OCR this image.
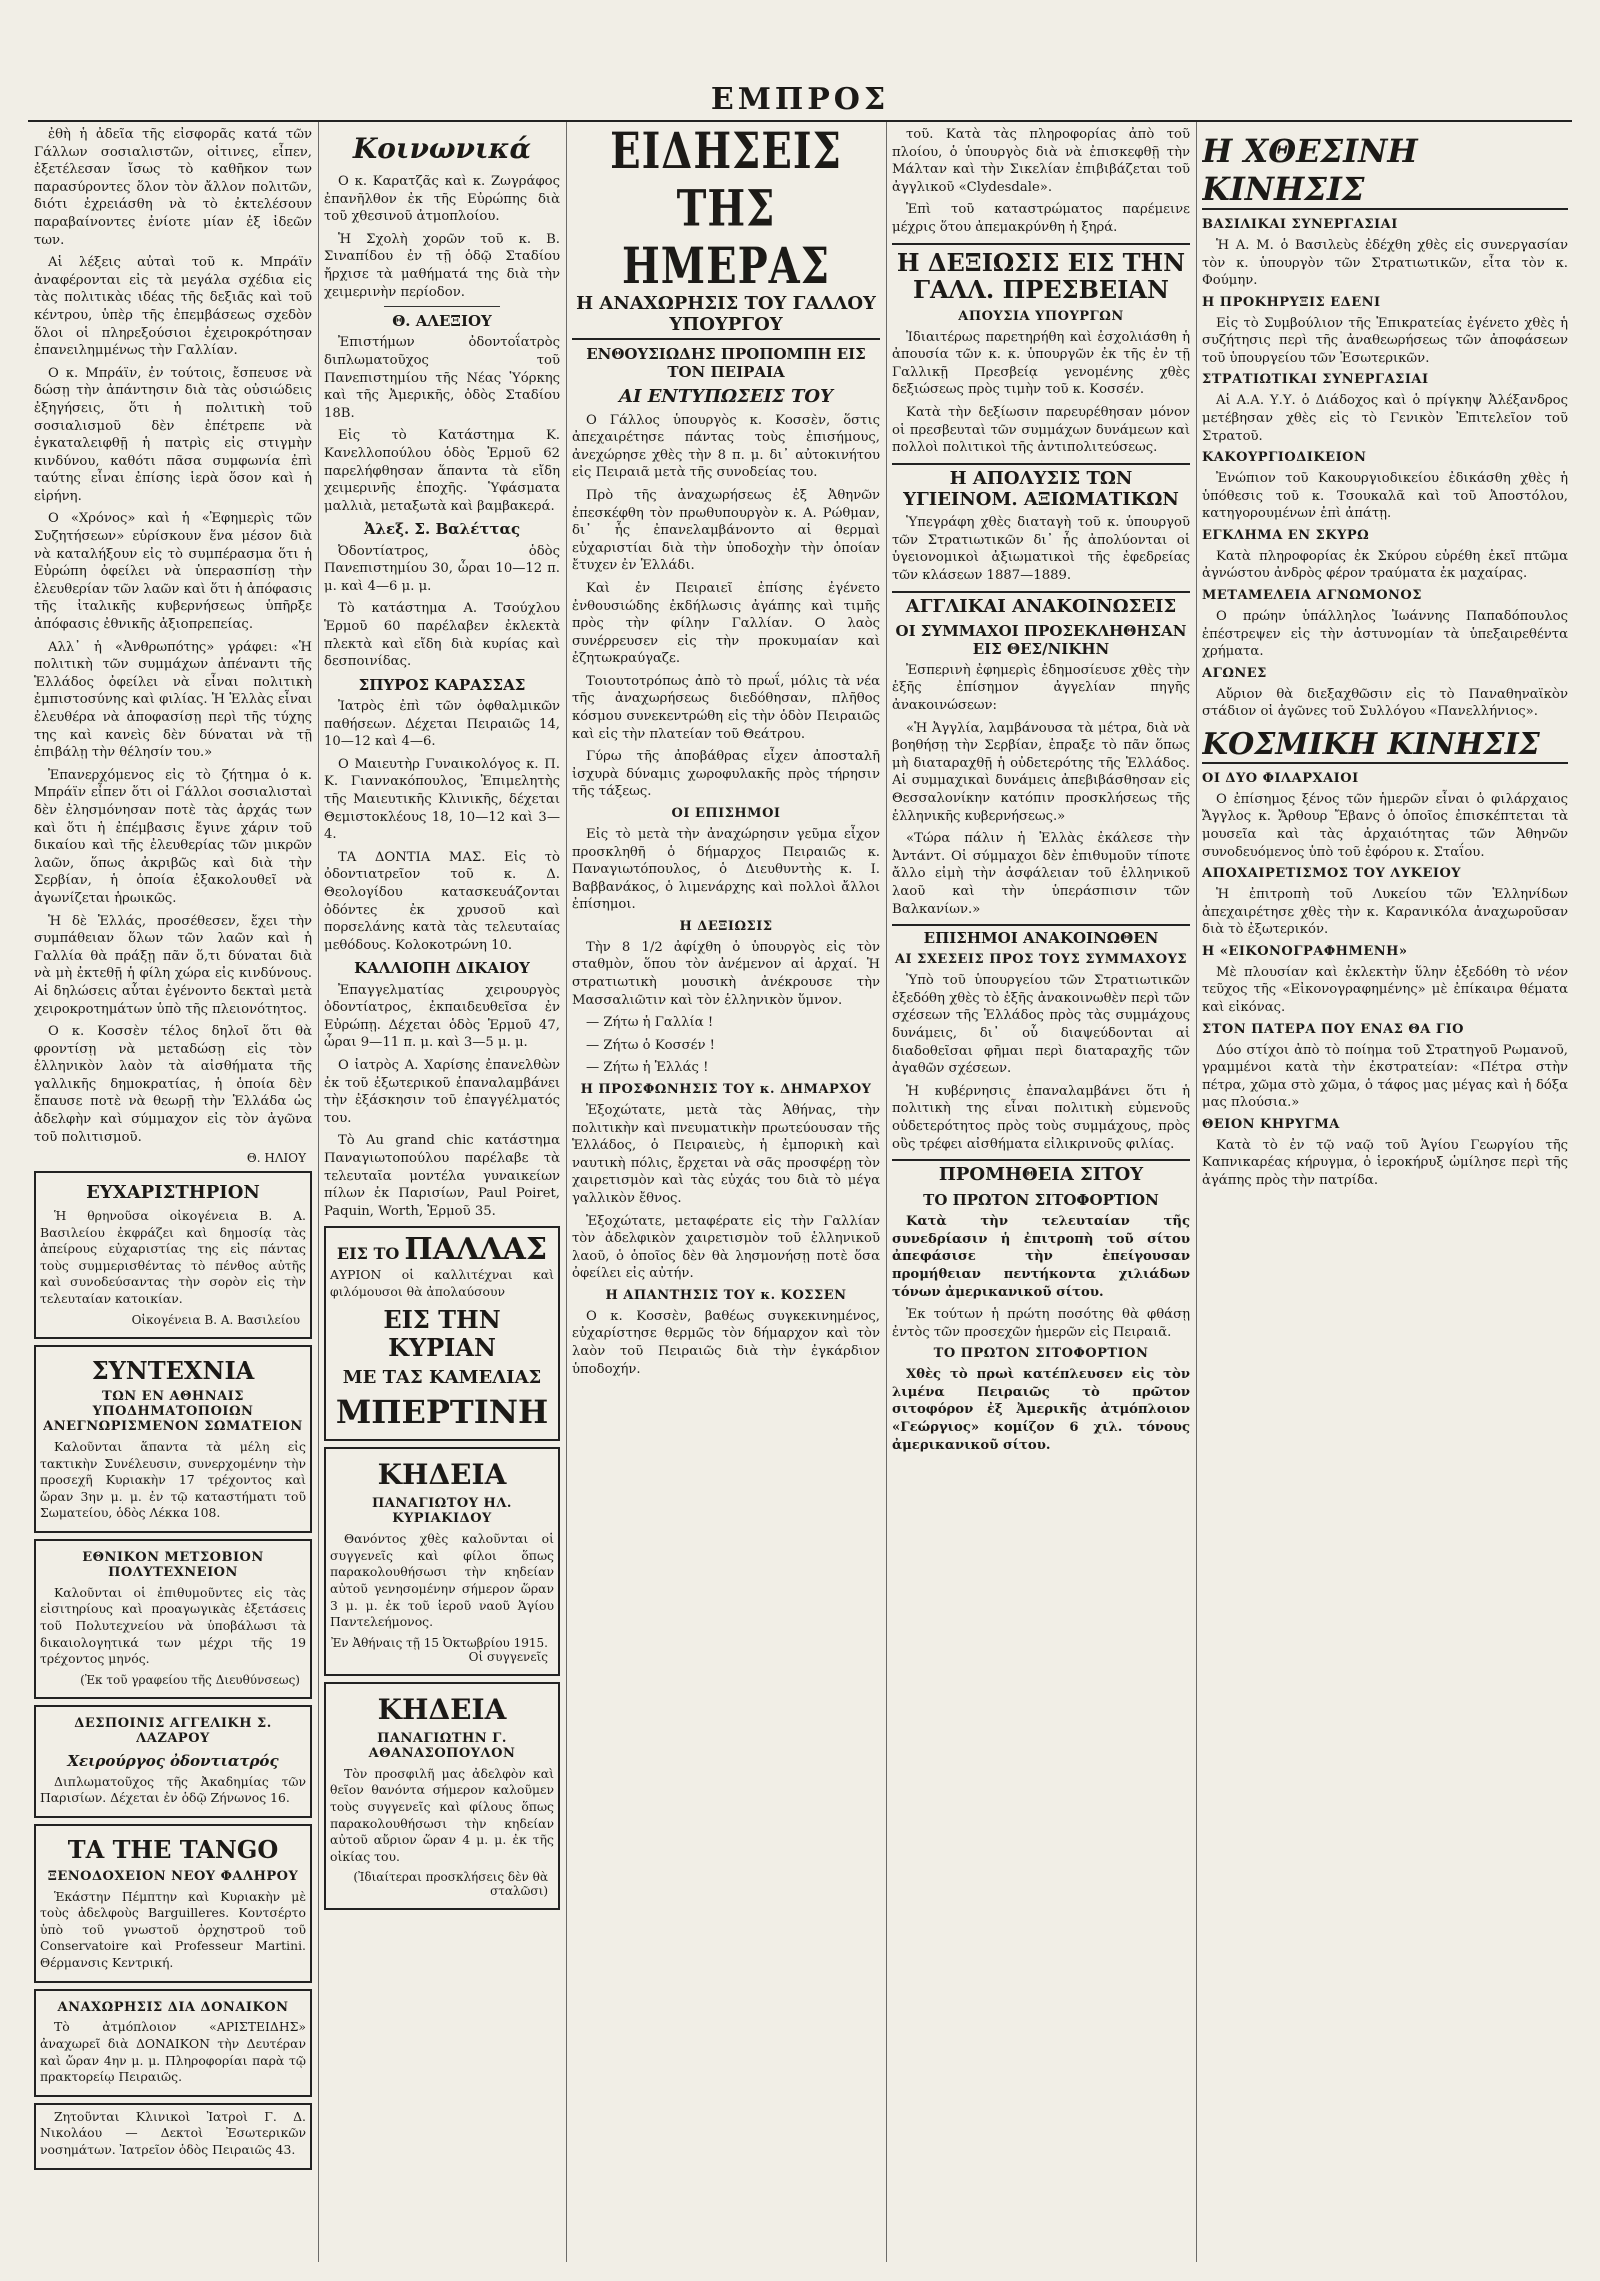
ΕΜΠΡΟΣ

ἐθὴ ἡ ἀδεῖα τῆς εἰσφορᾶς κατά τῶν Γάλλων σοσιαλιστῶν, οἱτινες, εἶπεν, ἐξετέλεσαν ἴσως τὸ καθῆκον των παρασύροντες ὅλον τὸν ἄλλον πολιτῶν, διότι ἐχρειάσθη νὰ τὸ ἐκτελέσουν παραβαίνοντες ἐνίοτε μίαν ἐξ ἰδεῶν των.

Αἱ λέξεις αὐταὶ τοῦ κ. Μπράϊν ἀναφέρονται εἰς τὰ μεγάλα σχέδια εἰς τὰς πολιτικὰς ιδέας τῆς δεξιᾶς καὶ τοῦ κέντρου, ὑπὲρ τῆς ἐπεμβάσεως σχεδὸν ὅλοι οἱ πληρεξούσιοι ἐχειροκρότησαν ἐπανειλημμένως τὴν Γαλλίαν.

Ο κ. Μπράϊν, ἐν τούτοις, ἔσπευσε νὰ δώσῃ τὴν ἀπάντησιν διὰ τὰς οὐσιώδεις ἐξηγήσεις, ὅτι ἡ πολιτικὴ τοῦ σοσιαλισμοῦ δὲν ἐπέτρεπε νὰ ἐγκαταλειφθῇ ἡ πατρὶς εἰς στιγμὴν κινδύνου, καθότι πᾶσα συμφωνία ἐπὶ ταύτης εἶναι ἐπίσης ἱερὰ ὅσον καὶ ἡ εἰρήνη.

Ο «Χρόνος» καὶ ἡ «Ἐφημερὶς τῶν Συζητήσεων» εὑρίσκουν ἕνα μέσον διὰ νὰ καταλήξουν εἰς τὸ συμπέρασμα ὅτι ἡ Εὐρώπη ὀφείλει νὰ ὑπερασπίσῃ τὴν ἐλευθερίαν τῶν λαῶν καὶ ὅτι ἡ ἀπόφασις τῆς ἰταλικῆς κυβερνήσεως ὑπῆρξε ἀπόφασις ἐθνικῆς ἀξιοπρεπείας.

Αλλ᾽ ἡ «Ἀνθρωπότης» γράφει: «Ἡ πολιτικὴ τῶν συμμάχων ἀπέναντι τῆς Ἑλλάδος ὀφείλει νὰ εἶναι πολιτικὴ ἐμπιστοσύνης καὶ φιλίας. Ἡ Ἑλλὰς εἶναι ἐλευθέρα νὰ ἀποφασίσῃ περὶ τῆς τύχης της καὶ κανεὶς δὲν δύναται νὰ τῇ ἐπιβάλῃ τὴν θέλησίν του.»

Ἐπανερχόμενος εἰς τὸ ζήτημα ὁ κ. Μπράϊν εἶπεν ὅτι οἱ Γάλλοι σοσιαλισταὶ δὲν ἐλησμόνησαν ποτὲ τὰς ἀρχάς των καὶ ὅτι ἡ ἐπέμβασις ἔγινε χάριν τοῦ δικαίου καὶ τῆς ἐλευθερίας τῶν μικρῶν λαῶν, ὅπως ἀκριβῶς καὶ διὰ τὴν Σερβίαν, ἡ ὁποία ἐξακολουθεῖ νὰ ἀγωνίζεται ἡρωικῶς.

Ἡ δὲ Ἑλλάς, προσέθεσεν, ἔχει τὴν συμπάθειαν ὅλων τῶν λαῶν καὶ ἡ Γαλλία θὰ πράξῃ πᾶν ὅ,τι δύναται διὰ νὰ μὴ ἐκτεθῇ ἡ φίλη χώρα εἰς κινδύνους. Αἱ δηλώσεις αὗται ἐγένοντο δεκταὶ μετὰ χειροκροτημάτων ὑπὸ τῆς πλειονότητος.

Ο κ. Κοσσὲν τέλος δηλοῖ ὅτι θὰ φροντίσῃ νὰ μεταδώσῃ εἰς τὸν ἑλληνικὸν λαὸν τὰ αἰσθήματα τῆς γαλλικῆς δημοκρατίας, ἡ ὁποία δὲν ἔπαυσε ποτὲ νὰ θεωρῇ τὴν Ἑλλάδα ὡς ἀδελφὴν καὶ σύμμαχον εἰς τὸν ἀγῶνα τοῦ πολιτισμοῦ.

Θ. ΗΛΙΟΥ
ΕΥΧΑΡΙΣΤΗΡΙΟΝ

Ἡ θρηνοῦσα οἰκογένεια Β. Α. Βασιλείου ἐκφράζει καὶ δημοσίᾳ τὰς ἀπείρους εὐχαριστίας της εἰς πάντας τοὺς συμμερισθέντας τὸ πένθος αὐτῆς καὶ συνοδεύσαντας τὴν σορὸν εἰς τὴν τελευταίαν κατοικίαν.

Οἰκογένεια Β. Α. Βασιλείου
ΣΥΝΤΕΧΝΙΑ
ΤΩΝ ΕΝ ΑΘΗΝΑΙΣ ΥΠΟΔΗΜΑΤΟΠΟΙΩΝ ΑΝΕΓΝΩΡΙΣΜΕΝΟΝ ΣΩΜΑΤΕΙΟΝ

Καλοῦνται ἅπαντα τὰ μέλη εἰς τακτικὴν Συνέλευσιν, συνερχομένην τὴν προσεχῆ Κυριακὴν 17 τρέχοντος καὶ ὥραν 3ην μ. μ. ἐν τῷ καταστήματι τοῦ Σωματείου, ὁδὸς Λέκκα 108.

ΕΘΝΙΚΟΝ ΜΕΤΣΟΒΙΟΝ ΠΟΛΥΤΕΧΝΕΙΟΝ

Καλοῦνται οἱ ἐπιθυμοῦντες εἰς τὰς εἰσιτηρίους καὶ προαγωγικὰς ἐξετάσεις τοῦ Πολυτεχνείου νὰ ὑποβάλωσι τὰ δικαιολογητικά των μέχρι τῆς 19 τρέχοντος μηνός.

(Ἐκ τοῦ γραφείου τῆς Διευθύνσεως)
ΔΕΣΠΟΙΝΙΣ ΑΓΓΕΛΙΚΗ Σ. ΛΑΖΑΡΟΥ
Χειρούργος ὀδοντιατρός

Διπλωματοῦχος τῆς Ἀκαδημίας τῶν Παρισίων. Δέχεται ἐν ὁδῷ Ζήνωνος 16.

ΤΑ ΤΗΕ TANGO
ΞΕΝΟΔΟΧΕΙΟΝ ΝΕΟΥ ΦΑΛΗΡΟΥ

Ἑκάστην Πέμπτην καὶ Κυριακὴν μὲ τοὺς ἀδελφοὺς Barguilleres. Κοντσέρτο ὑπὸ τοῦ γνωστοῦ ὀρχηστροῦ τοῦ Conservatoire καὶ Professeur Martini. Θέρμανσις Κεντρική.

ΑΝΑΧΩΡΗΣΙΣ ΔΙΑ ΔΟΝΑΙΚΟΝ

Τὸ ἀτμόπλοιον «ΑΡΙΣΤΕΙΔΗΣ» ἀναχωρεῖ διὰ ΔΟΝΑΙΚΟΝ τὴν Δευτέραν καὶ ὥραν 4ην μ. μ. Πληροφορίαι παρὰ τῷ πρακτορείῳ Πειραιῶς.

Ζητοῦνται Κλινικοὶ Ἰατροὶ Γ. Δ. Νικολάου — Δεκτοὶ Ἐσωτερικῶν νοσημάτων. Ἰατρεῖον ὁδὸς Πειραιῶς 43.

Κοινωνικά

Ο κ. Καρατζᾶς καὶ κ. Ζωγράφος ἐπανῆλθον ἐκ τῆς Εὐρώπης διὰ τοῦ χθεσινοῦ ἀτμοπλοίου.

Ἡ Σχολὴ χορῶν τοῦ κ. Β. Σιναπίδου ἐν τῇ ὁδῷ Σταδίου ἤρχισε τὰ μαθήματά της διὰ τὴν χειμερινὴν περίοδον.

Θ. ΑΛΕΞΙΟΥ

Ἐπιστήμων ὀδοντοΐατρὸς διπλωματοῦχος τοῦ Πανεπιστημίου τῆς Νέας Ὑόρκης καὶ τῆς Ἀμερικῆς, ὁδὸς Σταδίου 18Β.

Εἰς τὸ Κατάστημα Κ. Κανελλοπούλου ὁδὸς Ἑρμοῦ 62 παρελήφθησαν ἅπαντα τὰ εἴδη χειμερινῆς ἐποχῆς. Ὑφάσματα μαλλιὰ, μεταξωτὰ καὶ βαμβακερά.

Ἀλεξ. Σ. Βαλέττας

Ὀδοντίατρος, ὁδὸς Πανεπιστημίου 30, ὧραι 10—12 π. μ. καὶ 4—6 μ. μ.

Τὸ κατάστημα Α. Τσούχλου Ἑρμοῦ 60 παρέλαβεν ἐκλεκτὰ πλεκτὰ καὶ εἴδη διὰ κυρίας καὶ δεσποινίδας.

ΣΠΥΡΟΣ ΚΑΡΑΣΣΑΣ

Ἰατρὸς ἐπὶ τῶν ὀφθαλμικῶν παθήσεων. Δέχεται Πειραιῶς 14, 10—12 καὶ 4—6.

Ο Μαιευτὴρ Γυναικολόγος κ. Π. Κ. Γιαννακόπουλος, Ἐπιμελητὴς τῆς Μαιευτικῆς Κλινικῆς, δέχεται Θεμιστοκλέους 18, 10—12 καὶ 3—4.

ΤΑ ΔΟΝΤΙΑ ΜΑΣ. Εἰς τὸ ὀδοντιατρεῖον τοῦ κ. Δ. Θεολογίδου κατασκευάζονται ὀδόντες ἐκ χρυσοῦ καὶ πορσελάνης κατὰ τὰς τελευταίας μεθόδους. Κολοκοτρώνη 10.

ΚΑΛΛΙΟΠΗ ΔΙΚΑΙΟΥ

Ἐπαγγελματίας χειρουργὸς ὀδοντίατρος, ἐκπαιδευθεῖσα ἐν Εὐρώπῃ. Δέχεται ὁδὸς Ἑρμοῦ 47, ὧραι 9—11 π. μ. καὶ 3—5 μ. μ.

Ο ἰατρὸς Α. Χαρίσης ἐπανελθὼν ἐκ τοῦ ἐξωτερικοῦ ἐπαναλαμβάνει τὴν ἐξάσκησιν τοῦ ἐπαγγέλματός του.

Τὸ Au grand chic κατάστημα Παναγιωτοπούλου παρέλαβε τὰ τελευταῖα μοντέλα γυναικείων πίλων ἐκ Παρισίων, Paul Poiret, Paquin, Worth, Ἑρμοῦ 35.

ΕΙΣ ΤΟ ΠΑΛΛΑΣ

ΑΥΡΙΟΝ οἱ καλλιτέχναι καὶ φιλόμουσοι θὰ ἀπολαύσουν

ΕΙΣ ΤΗΝ ΚΥΡΙΑΝ
ΜΕ ΤΑΣ ΚΑΜΕΛΙΑΣ
ΜΠΕΡΤΙΝΗ
ΚΗΔΕΙΑ
ΠΑΝΑΓΙΩΤΟΥ ΗΛ. ΚΥΡΙΑΚΙΔΟΥ

Θανόντος χθὲς καλοῦνται οἱ συγγενεῖς καὶ φίλοι ὅπως παρακολουθήσωσι τὴν κηδείαν αὐτοῦ γενησομένην σήμερον ὥραν 3 μ. μ. ἐκ τοῦ ἱεροῦ ναοῦ Ἁγίου Παντελεήμονος.

Ἐν Ἀθήναις τῇ 15 Ὀκτωβρίου 1915. Οἱ συγγενεῖς
ΚΗΔΕΙΑ
ΠΑΝΑΓΙΩΤΗΝ Γ. ΑΘΑΝΑΣΟΠΟΥΛΟΝ

Τὸν προσφιλῆ μας ἀδελφὸν καὶ θεῖον θανόντα σήμερον καλοῦμεν τοὺς συγγενεῖς καὶ φίλους ὅπως παρακολουθήσωσι τὴν κηδείαν αὐτοῦ αὔριον ὥραν 4 μ. μ. ἐκ τῆς οἰκίας του.

(Ἰδιαίτεραι προσκλήσεις δὲν θὰ σταλῶσι)
ΕΙΔΗΣΕΙΣ ΤΗΣ ΗΜΕΡΑΣ
Η ΑΝΑΧΩΡΗΣΙΣ ΤΟΥ ΓΑΛΛΟΥ ΥΠΟΥΡΓΟΥ
ΕΝΘΟΥΣΙΩΔΗΣ ΠΡΟΠΟΜΠΗ ΕΙΣ ΤΟΝ ΠΕΙΡΑΙΑ
ΑΙ ΕΝΤΥΠΩΣΕΙΣ ΤΟΥ

Ο Γάλλος ὑπουργὸς κ. Κοσσὲν, ὅστις ἀπεχαιρέτησε πάντας τοὺς ἐπισήμους, ἀνεχώρησε χθὲς τὴν 8 π. μ. δι᾽ αὐτοκινήτου εἰς Πειραιᾶ μετὰ τῆς συνοδείας του.

Πρὸ τῆς ἀναχωρήσεως ἐξ Ἀθηνῶν ἐπεσκέφθη τὸν πρωθυπουργὸν κ. Α. Ρώθμαν, δι᾽ ἧς ἐπανελαμβάνοντο αἱ θερμαὶ εὐχαριστίαι διὰ τὴν ὑποδοχὴν τὴν ὁποίαν ἔτυχεν ἐν Ἑλλάδι.

Καὶ ἐν Πειραιεῖ ἐπίσης ἐγένετο ἐνθουσιώδης ἐκδήλωσις ἀγάπης καὶ τιμῆς πρὸς τὴν φίλην Γαλλίαν. Ο λαὸς συνέρρευσεν εἰς τὴν προκυμαίαν καὶ ἐζητωκραύγαζε.

Τοιουτοτρόπως ἀπὸ τὸ πρωΐ, μόλις τὰ νέα τῆς ἀναχωρήσεως διεδόθησαν, πλῆθος κόσμου συνεκεντρώθη εἰς τὴν ὁδὸν Πειραιῶς καὶ εἰς τὴν πλατείαν τοῦ Θεάτρου.

Γύρω τῆς ἀποβάθρας εἶχεν ἀποσταλῆ ἰσχυρὰ δύναμις χωροφυλακῆς πρὸς τήρησιν τῆς τάξεως.

ΟΙ ΕΠΙΣΗΜΟΙ

Εἰς τὸ μετὰ τὴν ἀναχώρησιν γεῦμα εἶχον προσκληθῆ ὁ δήμαρχος Πειραιῶς κ. Παναγιωτόπουλος, ὁ Διευθυντὴς κ. Ι. Βαββανάκος, ὁ λιμενάρχης καὶ πολλοὶ ἄλλοι ἐπίσημοι.

Η ΔΕΞΙΩΣΙΣ

Τὴν 8 1/2 ἀφίχθη ὁ ὑπουργὸς εἰς τὸν σταθμὸν, ὅπου τὸν ἀνέμενον αἱ ἀρχαί. Ἡ στρατιωτικὴ μουσικὴ ἀνέκρουσε τὴν Μασσαλιῶτιν καὶ τὸν ἑλληνικὸν ὕμνον.

— Ζήτω ἡ Γαλλία !

— Ζήτω ὁ Κοσσέν !

— Ζήτω ἡ Ἑλλάς !

Η ΠΡΟΣΦΩΝΗΣΙΣ ΤΟΥ κ. ΔΗΜΑΡΧΟΥ

Ἐξοχώτατε, μετὰ τὰς Ἀθήνας, τὴν πολιτικὴν καὶ πνευματικὴν πρωτεύουσαν τῆς Ἑλλάδος, ὁ Πειραιεὺς, ἡ ἐμπορικὴ καὶ ναυτικὴ πόλις, ἔρχεται νὰ σᾶς προσφέρῃ τὸν χαιρετισμὸν καὶ τὰς εὐχάς του διὰ τὸ μέγα γαλλικὸν ἔθνος.

Ἐξοχώτατε, μεταφέρατε εἰς τὴν Γαλλίαν τὸν ἀδελφικὸν χαιρετισμὸν τοῦ ἑλληνικοῦ λαοῦ, ὁ ὁποῖος δὲν θὰ λησμονήσῃ ποτὲ ὅσα ὀφείλει εἰς αὐτήν.

Η ΑΠΑΝΤΗΣΙΣ ΤΟΥ κ. ΚΟΣΣΕΝ

Ο κ. Κοσσὲν, βαθέως συγκεκινημένος, εὐχαρίστησε θερμῶς τὸν δήμαρχον καὶ τὸν λαὸν τοῦ Πειραιῶς διὰ τὴν ἐγκάρδιον ὑποδοχήν.

τοῦ. Κατὰ τὰς πληροφορίας ἀπὸ τοῦ πλοίου, ὁ ὑπουργὸς διὰ νὰ ἐπισκεφθῇ τὴν Μάλταν καὶ τὴν Σικελίαν ἐπιβιβάζεται τοῦ ἀγγλικοῦ «Clydesdale».

Ἐπὶ τοῦ καταστρώματος παρέμεινε μέχρις ὅτου ἀπεμακρύνθη ἡ ξηρά.

Η ΔΕΞΙΩΣΙΣ ΕΙΣ ΤΗΝ ΓΑΛΛ. ΠΡΕΣΒΕΙΑΝ
ΑΠΟΥΣΙΑ ΥΠΟΥΡΓΩΝ

Ἰδιαιτέρως παρετηρήθη καὶ ἐσχολιάσθη ἡ ἀπουσία τῶν κ. κ. ὑπουργῶν ἐκ τῆς ἐν τῇ Γαλλικῇ Πρεσβείᾳ γενομένης χθὲς δεξιώσεως πρὸς τιμὴν τοῦ κ. Κοσσέν.

Κατὰ τὴν δεξίωσιν παρευρέθησαν μόνον οἱ πρεσβευταὶ τῶν συμμάχων δυνάμεων καὶ πολλοὶ πολιτικοὶ τῆς ἀντιπολιτεύσεως.

Η ΑΠΟΛΥΣΙΣ ΤΩΝ ΥΓΙΕΙΝΟΜ. ΑΞΙΩΜΑΤΙΚΩΝ

Ὑπεγράφη χθὲς διαταγὴ τοῦ κ. ὑπουργοῦ τῶν Στρατιωτικῶν δι᾽ ἧς ἀπολύονται οἱ ὑγειονομικοὶ ἀξιωματικοὶ τῆς ἐφεδρείας τῶν κλάσεων 1887—1889.

ΑΓΓΛΙΚΑΙ ΑΝΑΚΟΙΝΩΣΕΙΣ
ΟΙ ΣΥΜΜΑΧΟΙ ΠΡΟΣΕΚΛΗΘΗΣΑΝ ΕΙΣ ΘΕΣ/ΝΙΚΗΝ

Ἐσπερινὴ ἐφημερὶς ἐδημοσίευσε χθὲς τὴν ἑξῆς ἐπίσημον ἀγγελίαν πηγῆς ἀνακοινώσεων:

«Ἡ Ἀγγλία, λαμβάνουσα τὰ μέτρα, διὰ νὰ βοηθήσῃ τὴν Σερβίαν, ἐπραξε τὸ πᾶν ὅπως μὴ διαταραχθῇ ἡ οὐδετερότης τῆς Ἑλλάδος. Αἱ συμμαχικαὶ δυνάμεις ἀπεβιβάσθησαν εἰς Θεσσαλονίκην κατόπιν προσκλήσεως τῆς ἑλληνικῆς κυβερνήσεως.»

«Τώρα πάλιν ἡ Ἑλλὰς ἐκάλεσε τὴν Ἀντάντ. Οἱ σύμμαχοι δὲν ἐπιθυμοῦν τίποτε ἄλλο εἰμὴ τὴν ἀσφάλειαν τοῦ ἑλληνικοῦ λαοῦ καὶ τὴν ὑπεράσπισιν τῶν Βαλκανίων.»

ΕΠΙΣΗΜΟΙ ΑΝΑΚΟΙΝΩΘΕΝ
ΑΙ ΣΧΕΣΕΙΣ ΠΡΟΣ ΤΟΥΣ ΣΥΜΜΑΧΟΥΣ

Ὑπὸ τοῦ ὑπουργείου τῶν Στρατιωτικῶν ἐξεδόθη χθὲς τὸ ἑξῆς ἀνακοινωθὲν περὶ τῶν σχέσεων τῆς Ἑλλάδος πρὸς τὰς συμμάχους δυνάμεις, δι᾽ οὗ διαψεύδονται αἱ διαδοθεῖσαι φῆμαι περὶ διαταραχῆς τῶν ἀγαθῶν σχέσεων.

Ἡ κυβέρνησις ἐπαναλαμβάνει ὅτι ἡ πολιτικὴ της εἶναι πολιτικὴ εὐμενοῦς οὐδετερότητος πρὸς τοὺς συμμάχους, πρὸς οὓς τρέφει αἰσθήματα εἰλικρινοῦς φιλίας.

ΠΡΟΜΗΘΕΙΑ ΣΙΤΟΥ
ΤΟ ΠΡΩΤΟΝ ΣΙΤΟΦΟΡΤΙΟΝ

Κατὰ τὴν τελευταίαν τῆς συνεδρίασιν ἡ ἐπιτροπὴ τοῦ σίτου ἀπεφάσισε τὴν ἐπείγουσαν προμήθειαν πεντήκοντα χιλιάδων τόνων ἀμερικανικοῦ σίτου.

Ἐκ τούτων ἡ πρώτη ποσότης θὰ φθάσῃ ἐντὸς τῶν προσεχῶν ἡμερῶν εἰς Πειραιᾶ.

ΤΟ ΠΡΩΤΟΝ ΣΙΤΟΦΟΡΤΙΟΝ

Χθὲς τὸ πρωὶ κατέπλευσεν εἰς τὸν λιμένα Πειραιῶς τὸ πρῶτον σιτοφόρον ἐξ Ἀμερικῆς ἀτμόπλοιον «Γεώργιος» κομίζον 6 χιλ. τόνους ἀμερικανικοῦ σίτου.

Η ΧΘΕΣΙΝΗ ΚΙΝΗΣΙΣ
ΒΑΣΙΛΙΚΑΙ ΣΥΝΕΡΓΑΣΙΑΙ

Ἡ Α. Μ. ὁ Βασιλεὺς ἐδέχθη χθὲς εἰς συνεργασίαν τὸν κ. ὑπουργὸν τῶν Στρατιωτικῶν, εἶτα τὸν κ. Φούμην.

Η ΠΡΟΚΗΡΥΞΙΣ ΕΔΕΝΙ

Εἰς τὸ Συμβούλιον τῆς Ἐπικρατείας ἐγένετο χθὲς ἡ συζήτησις περὶ τῆς ἀναθεωρήσεως τῶν ἀποφάσεων τοῦ ὑπουργείου τῶν Ἐσωτερικῶν.

ΣΤΡΑΤΙΩΤΙΚΑΙ ΣΥΝΕΡΓΑΣΙΑΙ

Αἱ Α.Α. Υ.Υ. ὁ Διάδοχος καὶ ὁ πρίγκηψ Ἀλέξανδρος μετέβησαν χθὲς εἰς τὸ Γενικὸν Ἐπιτελεῖον τοῦ Στρατοῦ.

ΚΑΚΟΥΡΓΙΟΔΙΚΕΙΟΝ

Ἐνώπιον τοῦ Κακουργιοδικείου ἐδικάσθη χθὲς ἡ ὑπόθεσις τοῦ κ. Τσουκαλᾶ καὶ τοῦ Ἀποστόλου, κατηγορουμένων ἐπὶ ἀπάτῃ.

ΕΓΚΛΗΜΑ ΕΝ ΣΚΥΡΩ

Κατὰ πληροφορίας ἐκ Σκύρου εὑρέθη ἐκεῖ πτῶμα ἀγνώστου ἀνδρὸς φέρον τραύματα ἐκ μαχαίρας.

ΜΕΤΑΜΕΛΕΙΑ ΑΓΝΩΜΟΝΟΣ

Ο πρώην ὑπάλληλος Ἰωάννης Παπαδόπουλος ἐπέστρεψεν εἰς τὴν ἀστυνομίαν τὰ ὑπεξαιρεθέντα χρήματα.

ΑΓΩΝΕΣ

Αὔριον θὰ διεξαχθῶσιν εἰς τὸ Παναθηναϊκὸν στάδιον οἱ ἀγῶνες τοῦ Συλλόγου «Πανελλήνιος».

ΚΟΣΜΙΚΗ ΚΙΝΗΣΙΣ
ΟΙ ΔΥΟ ΦΙΛΑΡΧΑΙΟΙ

Ο ἐπίσημος ξένος τῶν ἡμερῶν εἶναι ὁ φιλάρχαιος Ἄγγλος κ. Ἄρθουρ Ἔβανς ὁ ὁποῖος ἐπισκέπτεται τὰ μουσεῖα καὶ τὰς ἀρχαιότητας τῶν Ἀθηνῶν συνοδευόμενος ὑπὸ τοῦ ἐφόρου κ. Σταΐου.

ΑΠΟΧΑΙΡΕΤΙΣΜΟΣ ΤΟΥ ΛΥΚΕΙΟΥ

Ἡ ἐπιτροπὴ τοῦ Λυκείου τῶν Ἑλληνίδων ἀπεχαιρέτησε χθὲς τὴν κ. Καρανικόλα ἀναχωροῦσαν διὰ τὸ ἐξωτερικόν.

Η «ΕΙΚΟΝΟΓΡΑΦΗΜΕΝΗ»

Μὲ πλουσίαν καὶ ἐκλεκτὴν ὕλην ἐξεδόθη τὸ νέον τεῦχος τῆς «Εἰκονογραφημένης» μὲ ἐπίκαιρα θέματα καὶ εἰκόνας.

ΣΤΟΝ ΠΑΤΕΡΑ ΠΟΥ ΕΝΑΣ ΘΑ ΓΙΟ

Δύο στίχοι ἀπὸ τὸ ποίημα τοῦ Στρατηγοῦ Ρωμανοῦ, γραμμένοι κατὰ τὴν ἐκστρατείαν: «Πέτρα στὴν πέτρα, χῶμα στὸ χῶμα, ὁ τάφος μας μέγας καὶ ἡ δόξα μας πλούσια.»

ΘΕΙΟΝ ΚΗΡΥΓΜΑ

Κατὰ τὸ ἐν τῷ ναῷ τοῦ Ἁγίου Γεωργίου τῆς Καπνικαρέας κήρυγμα, ὁ ἱεροκήρυξ ὡμίλησε περὶ τῆς ἀγάπης πρὸς τὴν πατρίδα.
